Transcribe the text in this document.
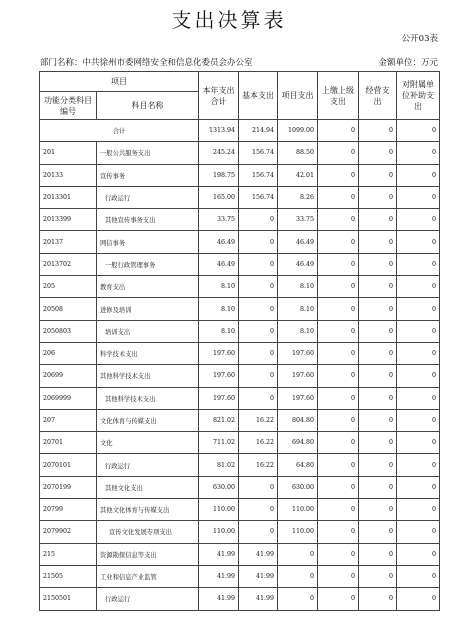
支出决算表
公开03表
部门名称：中共徐州市委网络安全和信息化委员会办公室	金额单位：万元
项目		本年支出合计	基本支出	项目支出	上缴上级支出	经营支出	对附属单位补助支出
功能分类科目编号	科目名称						
合计		1313.94	214.94	1099.00	0	0	0
201	一般公共服务支出	245.24	156.74	88.50	0	0	0
20133	宣传事务	198.75	156.74	42.01	0	0	0
2013301	行政运行	165.00	156.74	8.26	0	0	0
2013399	其他宣传事务支出	33.75	0	33.75	0	0	0
20137	网信事务	46.49	0	46.49	0	0	0
2013702	一般行政管理事务	46.49	0	46.49	0	0	0
205	教育支出	8.10	0	8.10	0	0	0
20508	进修及培训	8.10	0	8.10	0	0	0
2050803	培训支出	8.10	0	8.10	0	0	0
206	科学技术支出	197.60	0	197.60	0	0	0
20699	其他科学技术支出	197.60	0	197.60	0	0	0
2069999	其他科学技术支出	197.60	0	197.60	0	0	0
207	文化体育与传媒支出	821.02	16.22	804.80	0	0	0
20701	文化	711.02	16.22	694.80	0	0	0
2070101	行政运行	81.02	16.22	64.80	0	0	0
2070199	其他文化支出	630.00	0	630.00	0	0	0
20799	其他文化体育与传媒支出	110.00	0	110.00	0	0	0
2079902	宣传文化发展专项支出	110.00	0	110.00	0	0	0
215	资源勘探信息等支出	41.99	41.99	0	0	0	0
21505	工业和信息产业监管	41.99	41.99	0	0	0	0
2150501	行政运行	41.99	41.99	0	0	0	0
